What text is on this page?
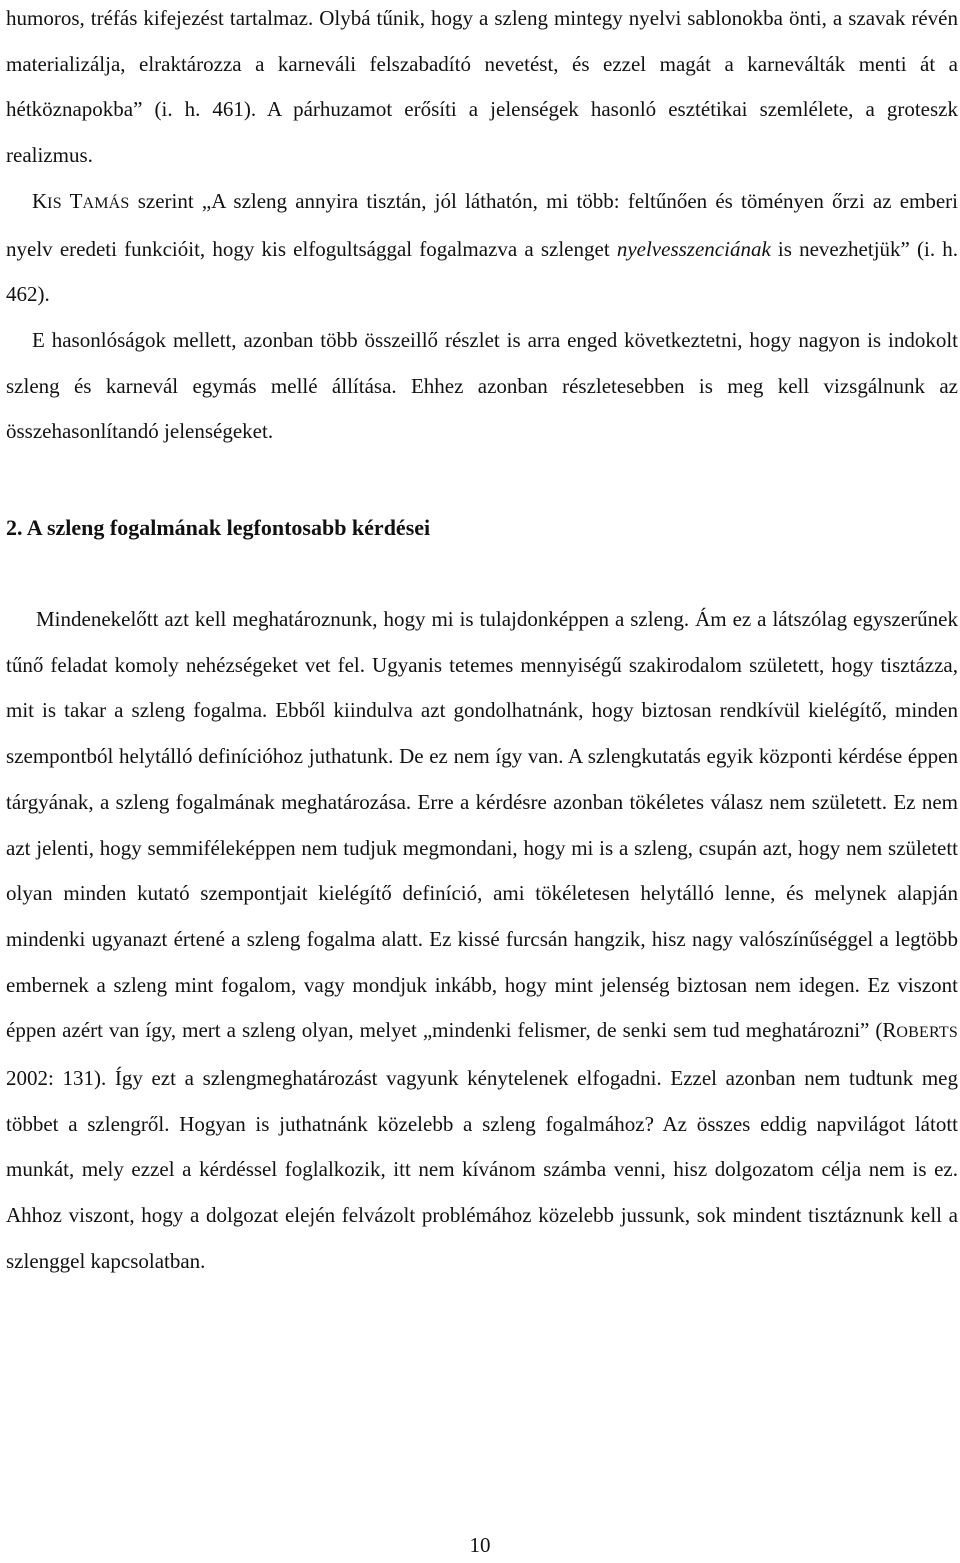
humoros, tréfás kifejezést tartalmaz. Olybá tűnik, hogy a szleng mintegy nyelvi sablonokba önti, a szavak révén materializálja, elraktározza a karneváli felszabadító nevetést, és ezzel magát a karneválták menti át a hétköznapokba” (i. h. 461). A párhuzamot erősíti a jelenségek hasonló esztétikai szemlélete, a groteszk realizmus.

KIS TAMÁS szerint „A szleng annyira tisztán, jól láthatón, mi több: feltűnően és töményen őrzi az emberi nyelv eredeti funkcióit, hogy kis elfogultsággal fogalmazva a szlenget nyelvesszenciának is nevezhetjük” (i. h. 462).

E hasonlóságok mellett, azonban több összeillő részlet is arra enged következtetni, hogy nagyon is indokolt szleng és karnevál egymás mellé állítása. Ehhez azonban részletesebben is meg kell vizsgálnunk az összehasonlítandó jelenségeket.

2. A szleng fogalmának legfontosabb kérdései

Mindenekelőtt azt kell meghatároznunk, hogy mi is tulajdonképpen a szleng. Ám ez a látszólag egyszerűnek tűnő feladat komoly nehézségeket vet fel. Ugyanis tetemes mennyiségű szakirodalom született, hogy tisztázza, mit is takar a szleng fogalma. Ebből kiindulva azt gondolhatnánk, hogy biztosan rendkívül kielégítő, minden szempontból helytálló definícióhoz juthatunk. De ez nem így van. A szlengkutatás egyik központi kérdése éppen tárgyának, a szleng fogalmának meghatározása. Erre a kérdésre azonban tökéletes válasz nem született. Ez nem azt jelenti, hogy semmiféleképpen nem tudjuk megmondani, hogy mi is a szleng, csupán azt, hogy nem született olyan minden kutató szempontjait kielégítő definíció, ami tökéletesen helytálló lenne, és melynek alapján mindenki ugyanazt értené a szleng fogalma alatt. Ez kissé furcsán hangzik, hisz nagy valószínűséggel a legtöbb embernek a szleng mint fogalom, vagy mondjuk inkább, hogy mint jelenség biztosan nem idegen. Ez viszont éppen azért van így, mert a szleng olyan, melyet „mindenki felismer, de senki sem tud meghatározni” (ROBERTS 2002: 131). Így ezt a szlengmeghatározást vagyunk kénytelenek elfogadni. Ezzel azonban nem tudtunk meg többet a szlengről. Hogyan is juthatnánk közelebb a szleng fogalmához? Az összes eddig napvilágot látott munkát, mely ezzel a kérdéssel foglalkozik, itt nem kívánom számba venni, hisz dolgozatom célja nem is ez. Ahhoz viszont, hogy a dolgozat elején felvázolt problémához közelebb jussunk, sok mindent tisztáznunk kell a szlenggel kapcsolatban.

10
